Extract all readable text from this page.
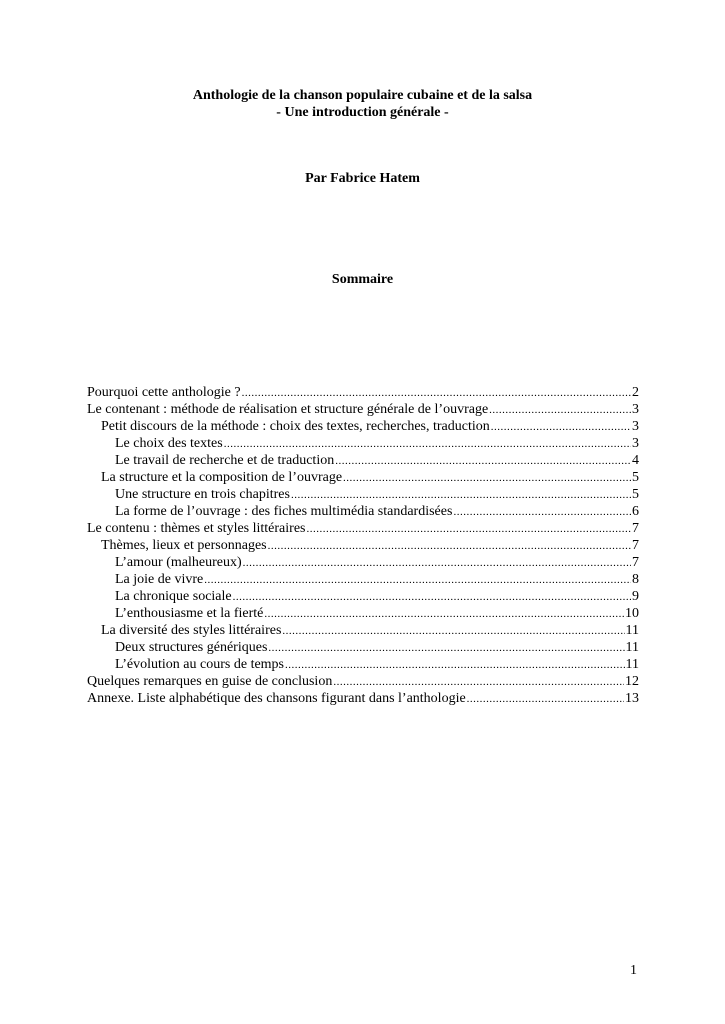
Anthologie de la chanson populaire cubaine et de la salsa
- Une introduction générale -
Par Fabrice Hatem
Sommaire
Pourquoi cette anthologie ? .....	2
Le contenant : méthode de réalisation et structure générale de l’ouvrage .....	3
Petit discours de la méthode : choix des textes, recherches, traduction .....	3
Le choix des textes .....	3
Le travail de recherche et de traduction .....	4
La structure et la composition de l’ouvrage .....	5
Une structure en trois chapitres .....	5
La forme de l’ouvrage : des fiches multimédia standardisées .....	6
Le contenu : thèmes et styles littéraires .....	7
Thèmes, lieux et personnages .....	7
L’amour (malheureux) .....	7
La joie de vivre .....	8
La chronique sociale .....	9
L’enthousiasme et la fierté .....	10
La diversité des styles littéraires .....	11
Deux structures génériques .....	11
L’évolution au cours de temps .....	11
Quelques remarques en guise de conclusion .....	12
Annexe. Liste alphabétique des chansons figurant dans l’anthologie .....	13
1
